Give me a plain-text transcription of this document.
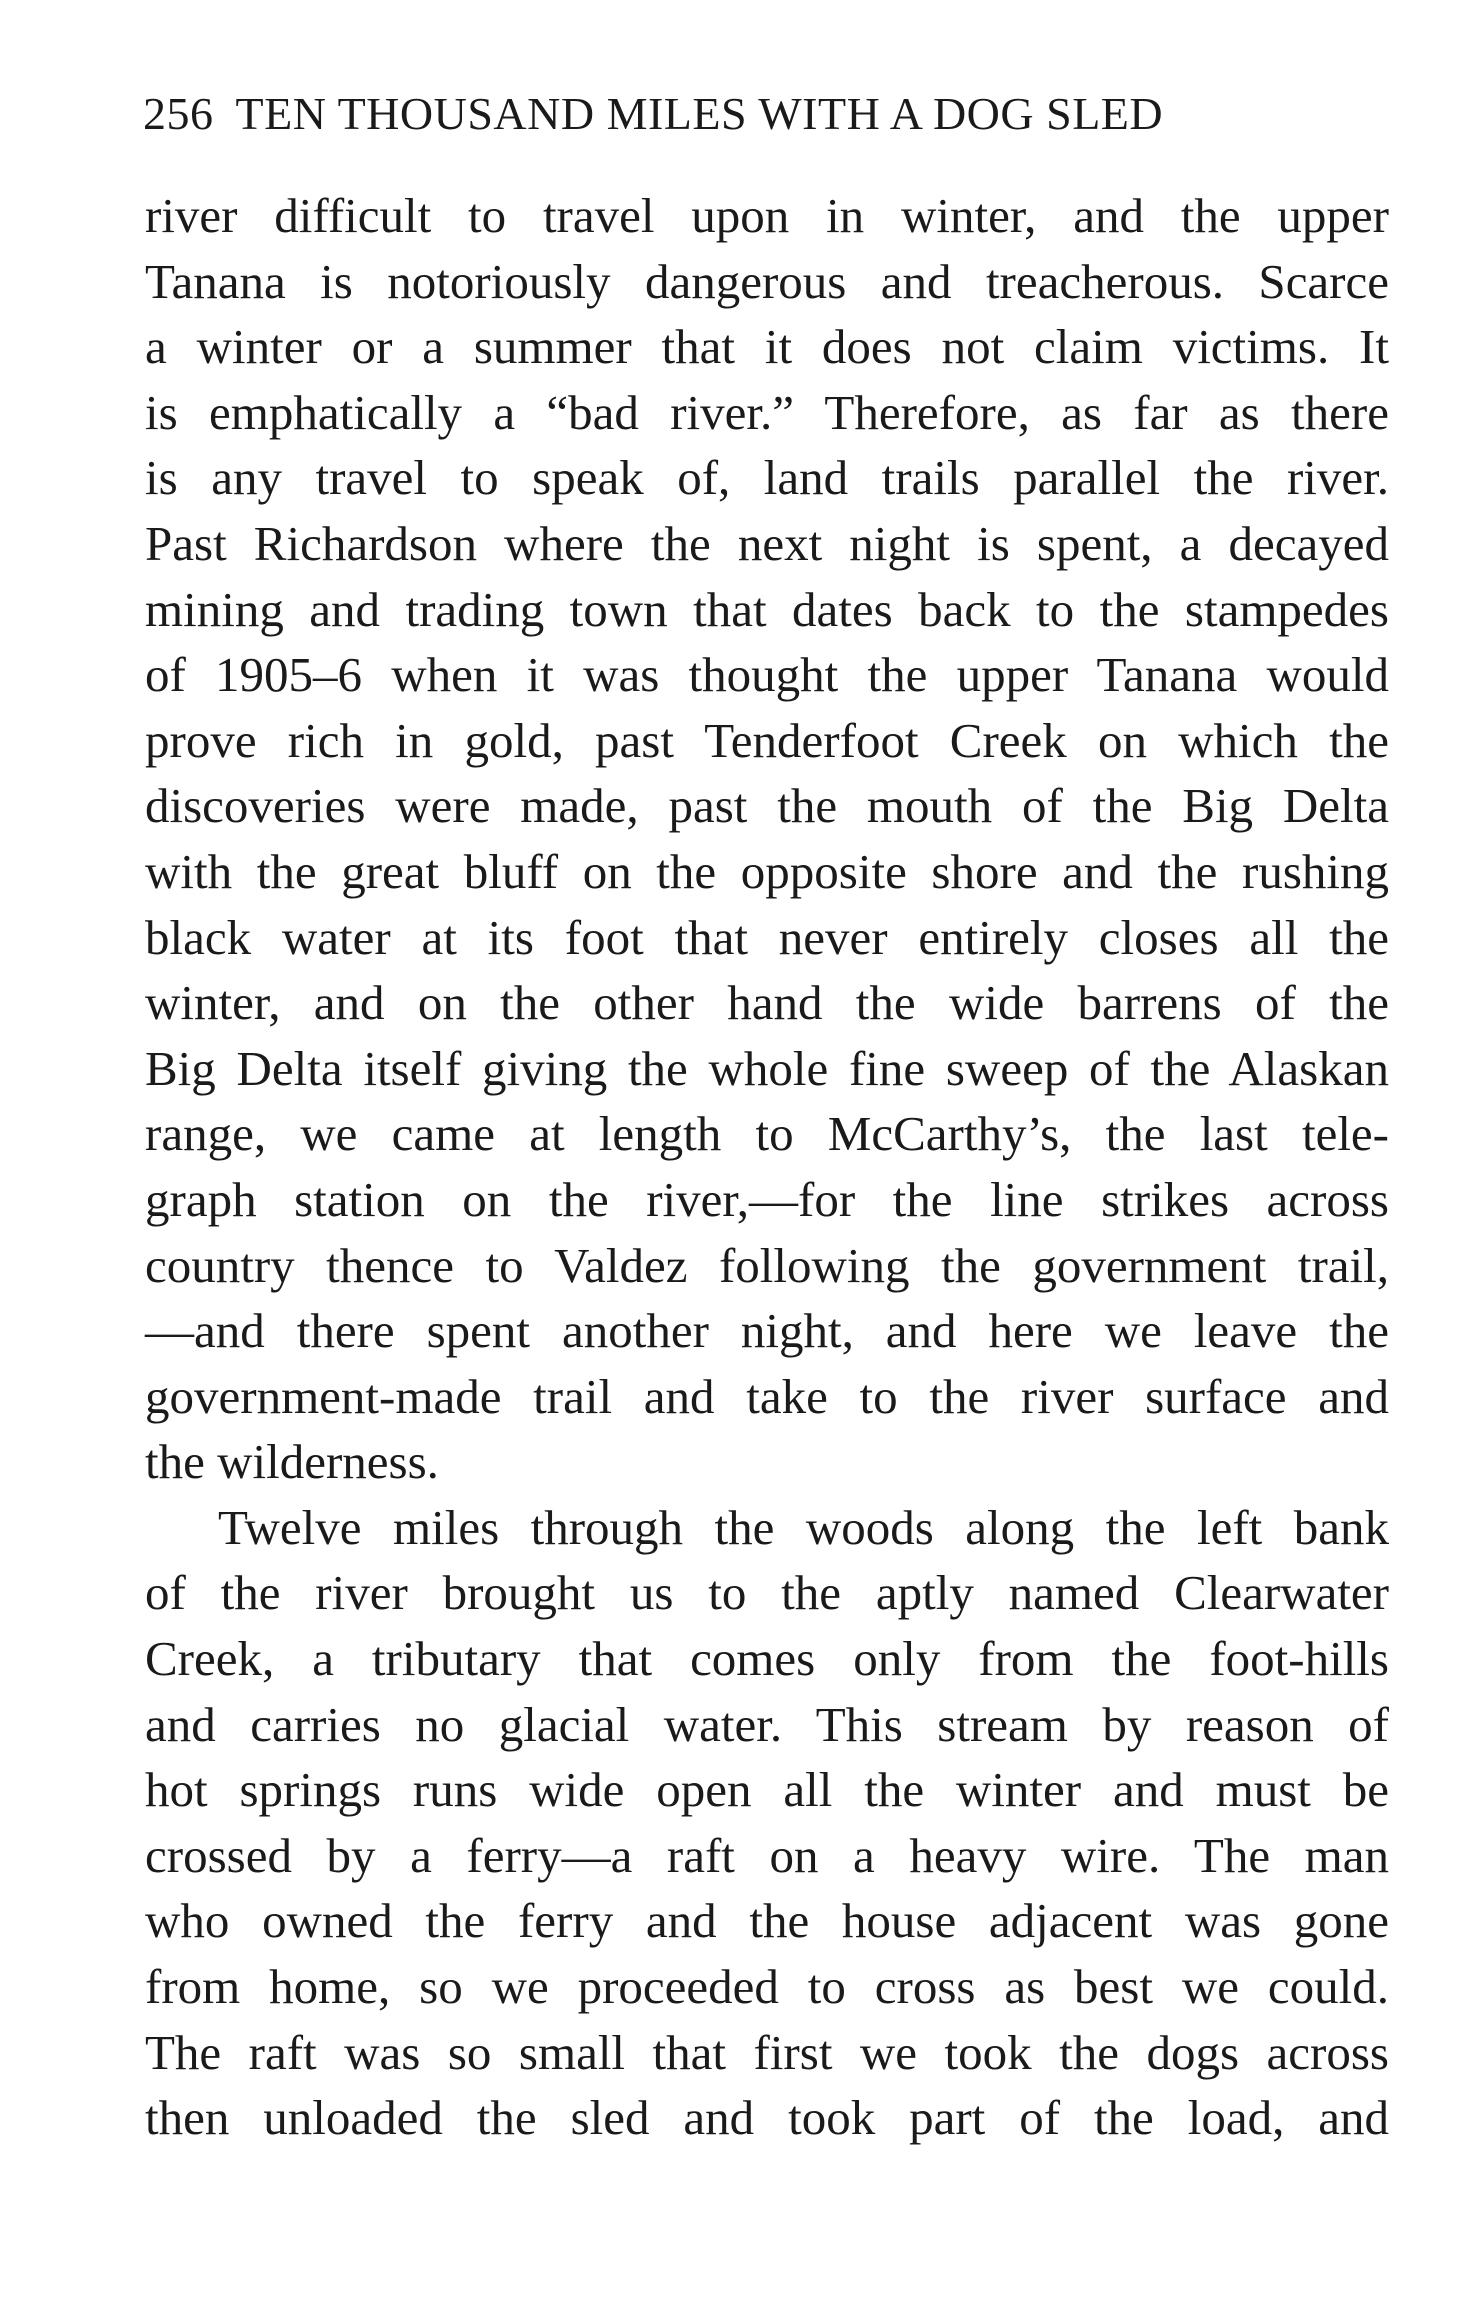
256 TEN THOUSAND MILES WITH A DOG SLED
river difficult to travel upon in winter, and the upper
Tanana is notoriously dangerous and treacherous. Scarce
a winter or a summer that it does not claim victims. It
is emphatically a “bad river.” Therefore, as far as there
is any travel to speak of, land trails parallel the river.
Past Richardson where the next night is spent, a decayed
mining and trading town that dates back to the stampedes
of 1905–6 when it was thought the upper Tanana would
prove rich in gold, past Tenderfoot Creek on which the
discoveries were made, past the mouth of the Big Delta
with the great bluff on the opposite shore and the rushing
black water at its foot that never entirely closes all the
winter, and on the other hand the wide barrens of the
Big Delta itself giving the whole fine sweep of the Alaskan
range, we came at length to McCarthy’s, the last tele-
graph station on the river,—for the line strikes across
country thence to Valdez following the government trail,
—and there spent another night, and here we leave the
government-made trail and take to the river surface and
the wilderness.
Twelve miles through the woods along the left bank
of the river brought us to the aptly named Clearwater
Creek, a tributary that comes only from the foot-hills
and carries no glacial water. This stream by reason of
hot springs runs wide open all the winter and must be
crossed by a ferry—a raft on a heavy wire. The man
who owned the ferry and the house adjacent was gone
from home, so we proceeded to cross as best we could.
The raft was so small that first we took the dogs across
then unloaded the sled and took part of the load, and
